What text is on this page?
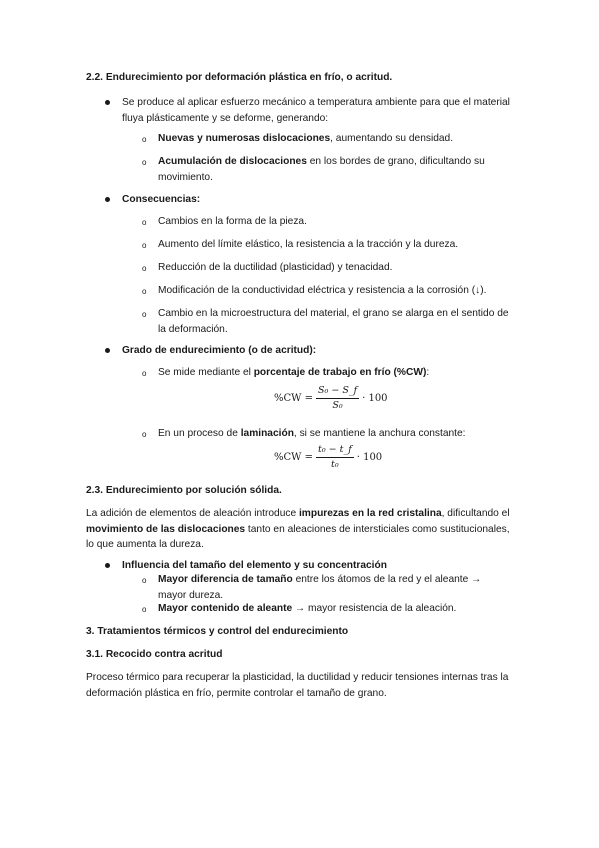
2.2. Endurecimiento por deformación plástica en frío, o acritud.
Se produce al aplicar esfuerzo mecánico a temperatura ambiente para que el material fluya plásticamente y se deforme, generando:
o Nuevas y numerosas dislocaciones, aumentando su densidad.
o Acumulación de dislocaciones en los bordes de grano, dificultando su movimiento.
Consecuencias:
o Cambios en la forma de la pieza.
o Aumento del límite elástico, la resistencia a la tracción y la dureza.
o Reducción de la ductilidad (plasticidad) y tenacidad.
o Modificación de la conductividad eléctrica y resistencia a la corrosión (↓).
o Cambio en la microestructura del material, el grano se alarga en el sentido de la deformación.
Grado de endurecimiento (o de acritud):
o Se mide mediante el porcentaje de trabajo en frío (%CW):
$\%CW = \frac{\text{S₀ − S\_f}}{\text{S₀}} \cdot 100$
o En un proceso de laminación, si se mantiene la anchura constante:
$\%CW = \frac{\text{t₀ − t\_f}}{\text{t₀}} \cdot 100$
2.3. Endurecimiento por solución sólida.
La adición de elementos de aleación introduce impurezas en la red cristalina, dificultando el movimiento de las dislocaciones tanto en aleaciones de intersticiales como sustitucionales, lo que aumenta la dureza.
Influencia del tamaño del elemento y su concentración
o Mayor diferencia de tamaño entre los átomos de la red y el aleante → mayor dureza.
o Mayor contenido de aleante → mayor resistencia de la aleación.
3. Tratamientos térmicos y control del endurecimiento
3.1. Recocido contra acritud
Proceso térmico para recuperar la plasticidad, la ductilidad y reducir tensiones internas tras la deformación plástica en frío, permite controlar el tamaño de grano.
